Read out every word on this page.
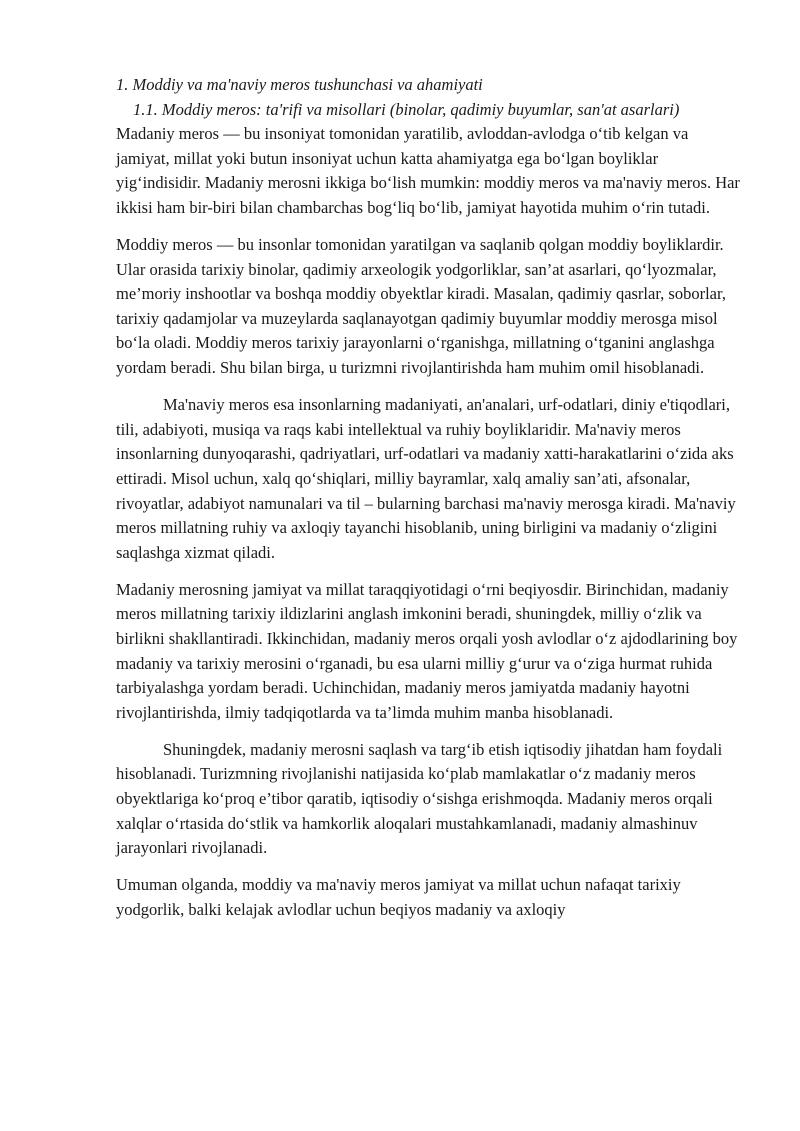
1. Moddiy va ma'naviy meros tushunchasi va ahamiyati
1.1. Moddiy meros: ta'rifi va misollari (binolar, qadimiy buyumlar, san'at asarlari)

Madaniy meros — bu insoniyat tomonidan yaratilib, avloddan-avlodga o‘tib kelgan va jamiyat, millat yoki butun insoniyat uchun katta ahamiyatga ega bo‘lgan boyliklar yig‘indisidir. Madaniy merosni ikkiga bo‘lish mumkin: moddiy meros va ma'naviy meros. Har ikkisi ham bir-biri bilan chambarchas bog‘liq bo‘lib, jamiyat hayotida muhim o‘rin tutadi.

Moddiy meros — bu insonlar tomonidan yaratilgan va saqlanib qolgan moddiy boyliklardir. Ular orasida tarixiy binolar, qadimiy arxeologik yodgorliklar, san’at asarlari, qo‘lyozmalar, me’moriy inshootlar va boshqa moddiy obyektlar kiradi. Masalan, qadimiy qasrlar, soborlar, tarixiy qadamjolar va muzeylarda saqlanayotgan qadimiy buyumlar moddiy merosga misol bo‘la oladi. Moddiy meros tarixiy jarayonlarni o‘rganishga, millatning o‘tganini anglashga yordam beradi. Shu bilan birga, u turizmni rivojlantirishda ham muhim omil hisoblanadi.

Ma'naviy meros esa insonlarning madaniyati, an'analari, urf-odatlari, diniy e'tiqodlari, tili, adabiyoti, musiqa va raqs kabi intellektual va ruhiy boyliklaridir. Ma'naviy meros insonlarning dunyoqarashi, qadriyatlari, urf-odatlari va madaniy xatti-harakatlarini o‘zida aks ettiradi. Misol uchun, xalq qo‘shiqlari, milliy bayramlar, xalq amaliy san’ati, afsonalar, rivoyatlar, adabiyot namunalari va til – bularning barchasi ma'naviy merosga kiradi. Ma'naviy meros millatning ruhiy va axloqiy tayanchi hisoblanib, uning birligini va madaniy o‘zligini saqlashga xizmat qiladi.

Madaniy merosning jamiyat va millat taraqqiyotidagi o‘rni beqiyosdir. Birinchidan, madaniy meros millatning tarixiy ildizlarini anglash imkonini beradi, shuningdek, milliy o‘zlik va birlikni shakllantiradi. Ikkinchidan, madaniy meros orqali yosh avlodlar o‘z ajdodlarining boy madaniy va tarixiy merosini o‘rganadi, bu esa ularni milliy g‘urur va o‘ziga hurmat ruhida tarbiyalashga yordam beradi. Uchinchidan, madaniy meros jamiyatda madaniy hayotni rivojlantirishda, ilmiy tadqiqotlarda va ta’limda muhim manba hisoblanadi.

Shuningdek, madaniy merosni saqlash va targ‘ib etish iqtisodiy jihatdan ham foydali hisoblanadi. Turizmning rivojlanishi natijasida ko‘plab mamlakatlar o‘z madaniy meros obyektlariga ko‘proq e’tibor qaratib, iqtisodiy o‘sishga erishmoqda. Madaniy meros orqali xalqlar o‘rtasida do‘stlik va hamkorlik aloqalari mustahkamlanadi, madaniy almashinuv jarayonlari rivojlanadi.

Umuman olganda, moddiy va ma'naviy meros jamiyat va millat uchun nafaqat tarixiy yodgorlik, balki kelajak avlodlar uchun beqiyos madaniy va axloqiy
